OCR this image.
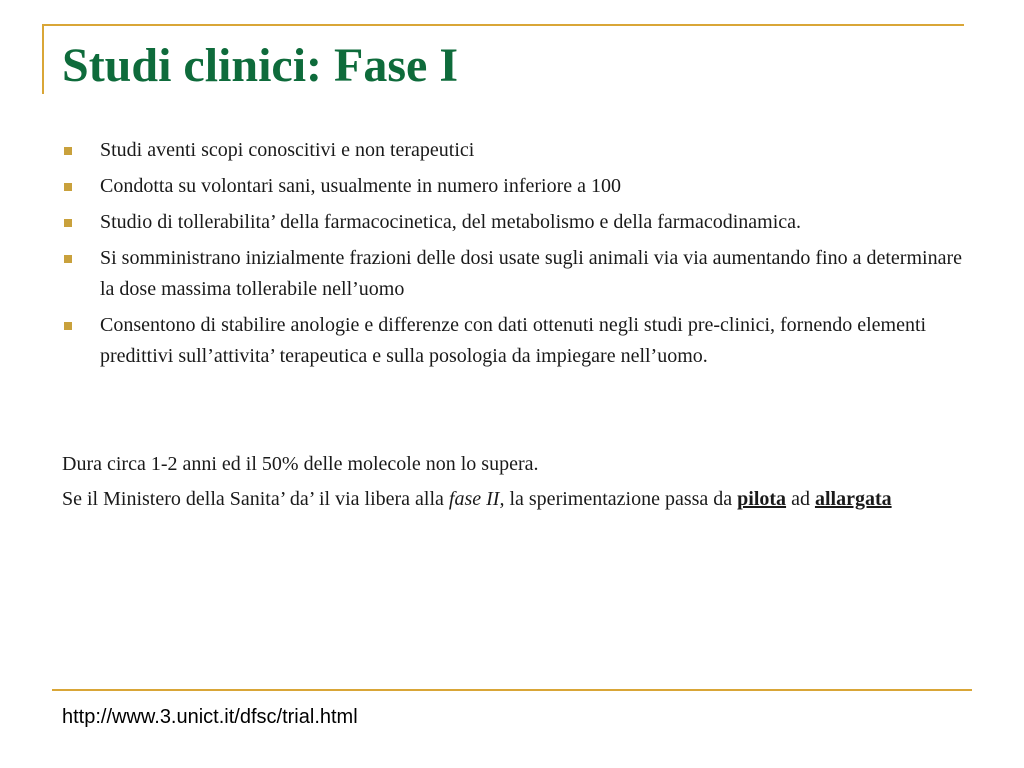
Studi clinici: Fase I
Studi aventi scopi conoscitivi e non terapeutici
Condotta su volontari sani, usualmente in numero inferiore a 100
Studio di tollerabilita’ della farmacocinetica, del metabolismo e della farmacodinamica.
Si somministrano inizialmente frazioni delle dosi usate sugli animali via via aumentando fino a determinare la dose massima tollerabile nell’uomo
Consentono di stabilire anologie e differenze con dati ottenuti negli studi pre-clinici, fornendo elementi predittivi sull’attivita’ terapeutica e sulla posologia da impiegare nell’uomo.

Dura circa 1-2 anni ed il 50% delle molecole non lo supera.

Se il Ministero della Sanita’ da’ il via libera alla fase II, la sperimentazione passa da pilota ad allargata

http://www.3.unict.it/dfsc/trial.html
